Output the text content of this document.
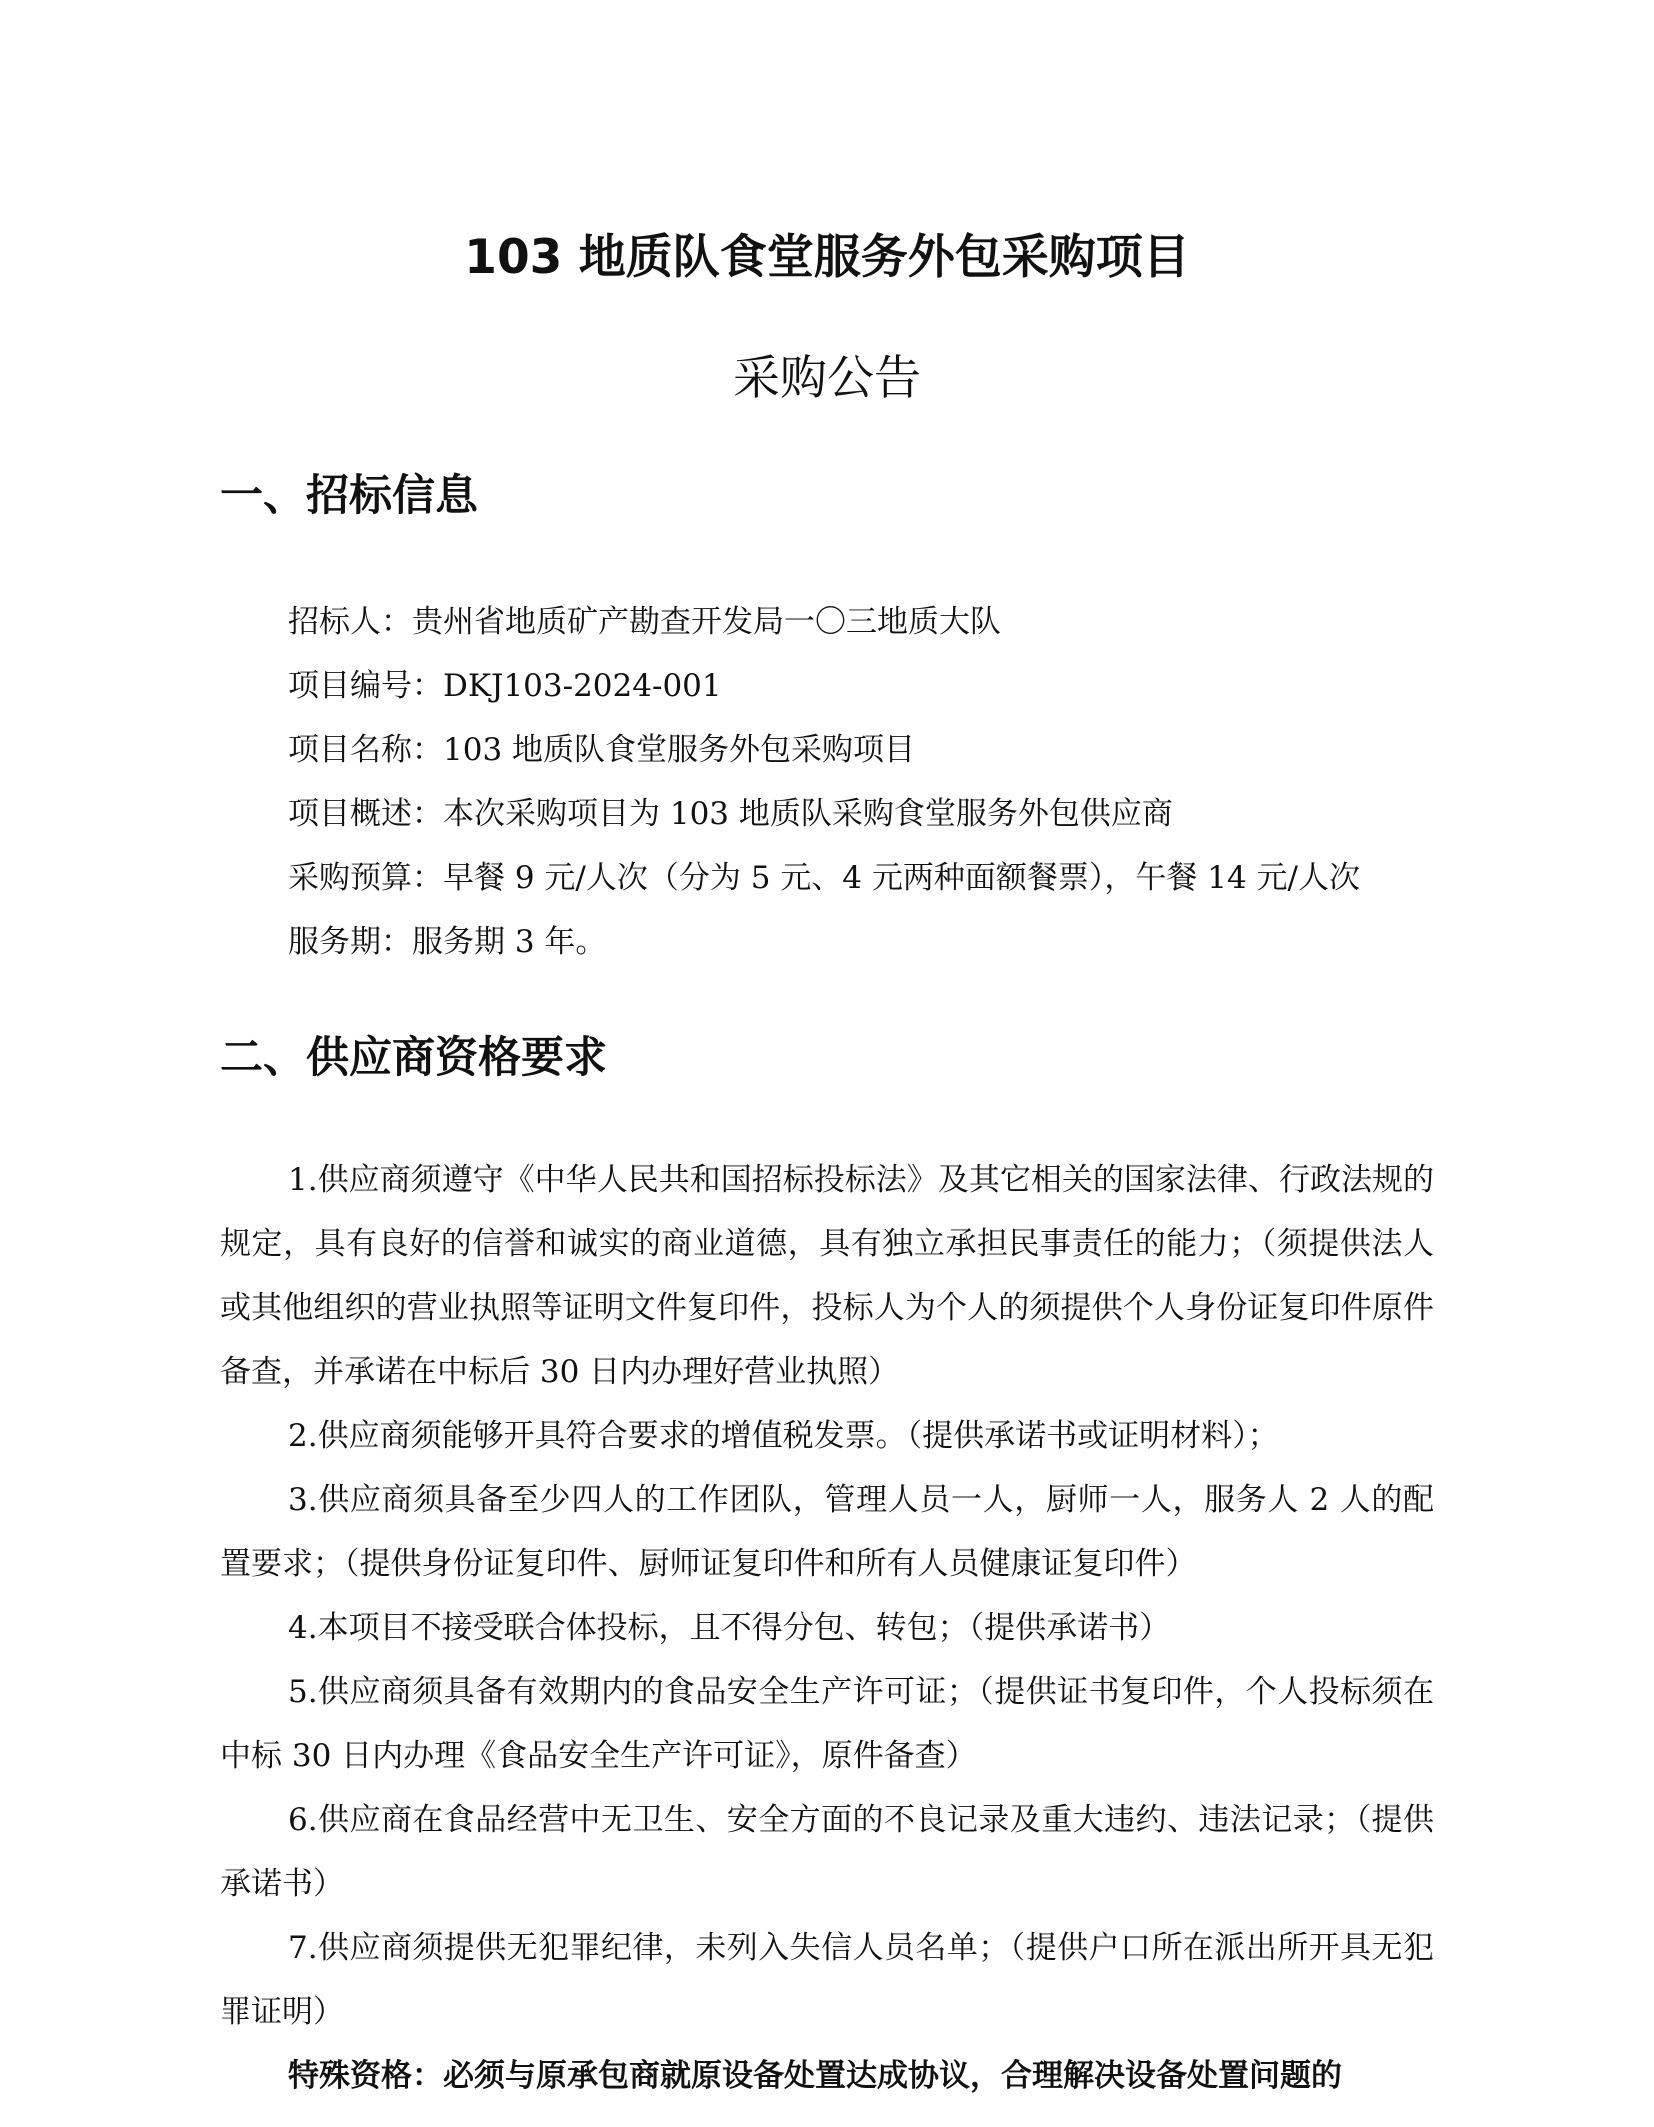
103 地质队食堂服务外包采购项目
采购公告
一、招标信息
招标人：贵州省地质矿产勘查开发局一〇三地质大队
项目编号：DKJ103-2024-001
项目名称：103 地质队食堂服务外包采购项目
项目概述：本次采购项目为 103 地质队采购食堂服务外包供应商
采购预算：早餐 9 元/人次（分为 5 元、4 元两种面额餐票），午餐 14 元/人次
服务期：服务期 3 年。
二、供应商资格要求

1.供应商须遵守《中华人民共和国招标投标法》及其它相关的国家法律、行政法规的规定，具有良好的信誉和诚实的商业道德，具有独立承担民事责任的能力；（须提供法人或其他组织的营业执照等证明文件复印件，投标人为个人的须提供个人身份证复印件原件备查，并承诺在中标后 30 日内办理好营业执照）

2.供应商须能够开具符合要求的增值税发票。（提供承诺书或证明材料）；

3.供应商须具备至少四人的工作团队，管理人员一人，厨师一人，服务人 2 人的配置要求；（提供身份证复印件、厨师证复印件和所有人员健康证复印件）

4.本项目不接受联合体投标，且不得分包、转包；（提供承诺书）

5.供应商须具备有效期内的食品安全生产许可证；（提供证书复印件，个人投标须在中标 30 日内办理《食品安全生产许可证》，原件备查）

6.供应商在食品经营中无卫生、安全方面的不良记录及重大违约、违法记录；（提供承诺书）

7.供应商须提供无犯罪纪律，未列入失信人员名单；（提供户口所在派出所开具无犯罪证明）

特殊资格：必须与原承包商就原设备处置达成协议，合理解决设备处置问题的
